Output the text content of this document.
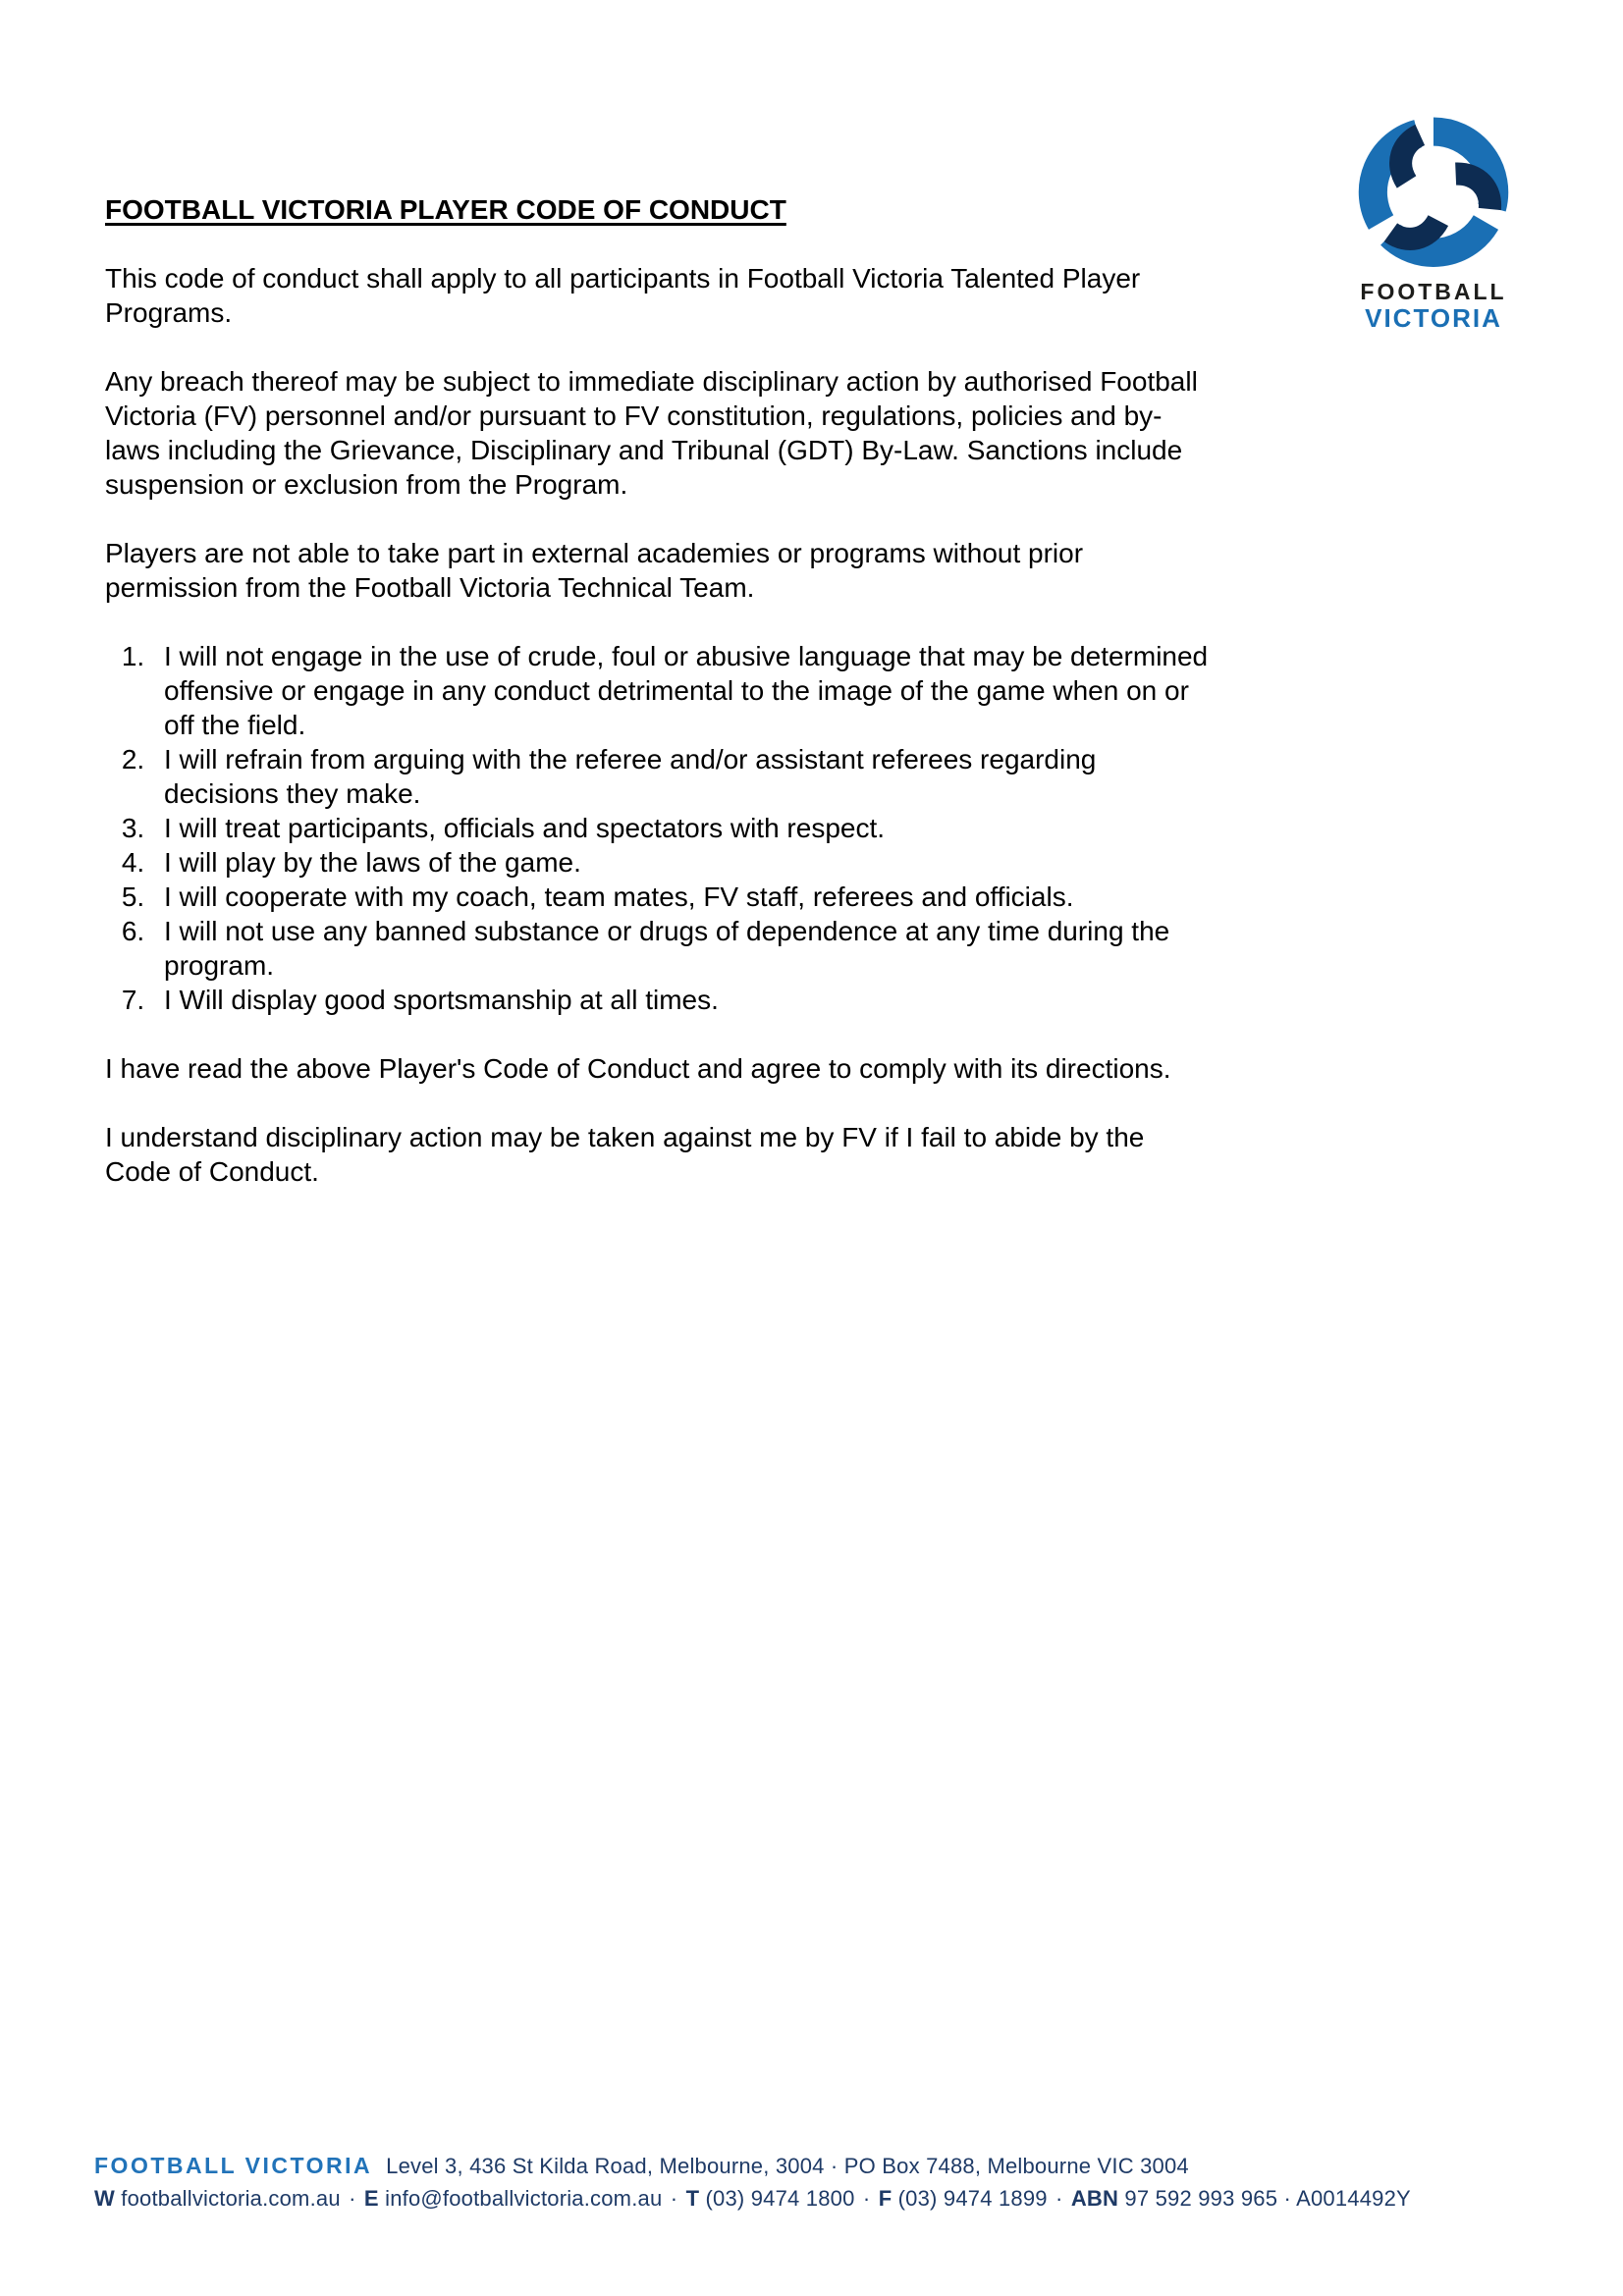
FOOTBALL
VICTORIA
FOOTBALL VICTORIA PLAYER CODE OF CONDUCT

This code of conduct shall apply to all participants in Football Victoria Talented Player Programs.

Any breach thereof may be subject to immediate disciplinary action by authorised Football Victoria (FV) personnel and/or pursuant to FV constitution, regulations, policies and by-laws including the Grievance, Disciplinary and Tribunal (GDT) By-Law. Sanctions include suspension or exclusion from the Program.

Players are not able to take part in external academies or programs without prior permission from the Football Victoria Technical Team.

1. I will not engage in the use of crude, foul or abusive language that may be determined offensive or engage in any conduct detrimental to the image of the game when on or off the field.
2. I will refrain from arguing with the referee and/or assistant referees regarding decisions they make.
3. I will treat participants, officials and spectators with respect.
4. I will play by the laws of the game.
5. I will cooperate with my coach, team mates, FV staff, referees and officials.
6. I will not use any banned substance or drugs of dependence at any time during the program.
7. I Will display good sportsmanship at all times.

I have read the above Player's Code of Conduct and agree to comply with its directions.

I understand disciplinary action may be taken against me by FV if I fail to abide by the Code of Conduct.

FOOTBALL VICTORIA Level 3, 436 St Kilda Road, Melbourne, 3004 · PO Box 7488, Melbourne VIC 3004
W footballvictoria.com.au · E info@footballvictoria.com.au · T (03) 9474 1800 · F (03) 9474 1899 · ABN 97 592 993 965 · A0014492Y
